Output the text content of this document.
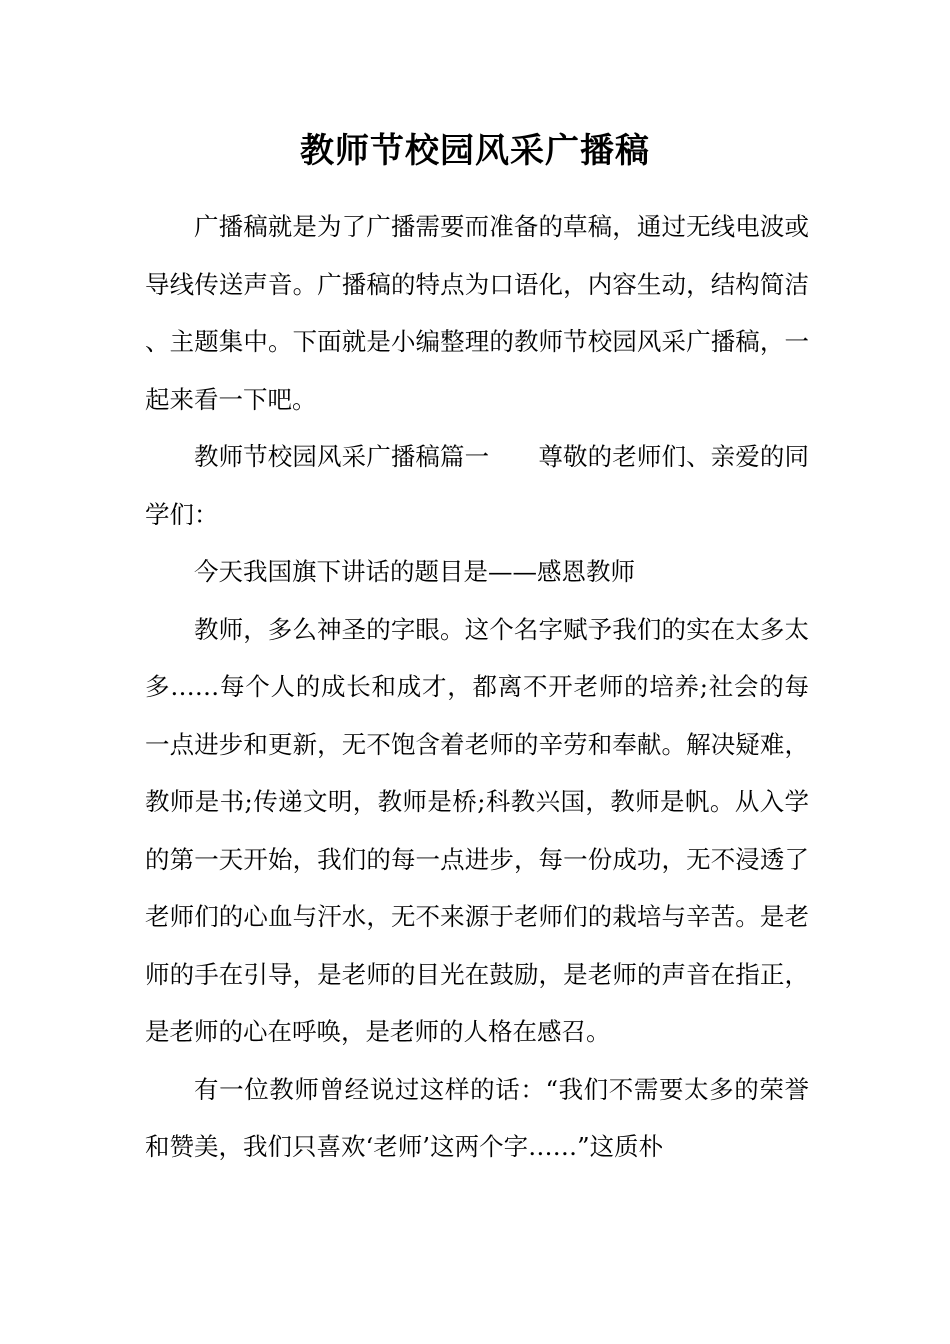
教师节校园风采广播稿

广播稿就是为了广播需要而准备的草稿，通过无线电波或导线传送声音。广播稿的特点为口语化，内容生动，结构简洁、主题集中。下面就是小编整理的教师节校园风采广播稿，一起来看一下吧。

教师节校园风采广播稿篇一　　尊敬的老师们、亲爱的同学们：

今天我国旗下讲话的题目是——感恩教师

教师，多么神圣的字眼。这个名字赋予我们的实在太多太多……每个人的成长和成才，都离不开老师的培养;社会的每一点进步和更新，无不饱含着老师的辛劳和奉献。解决疑难，教师是书;传递文明，教师是桥;科教兴国，教师是帆。从入学的第一天开始，我们的每一点进步，每一份成功，无不浸透了老师们的心血与汗水，无不来源于老师们的栽培与辛苦。是老师的手在引导，是老师的目光在鼓励，是老师的声音在指正，是老师的心在呼唤，是老师的人格在感召。

有一位教师曾经说过这样的话：“我们不需要太多的荣誉和赞美，我们只喜欢‘老师’这两个字……”这质朴
